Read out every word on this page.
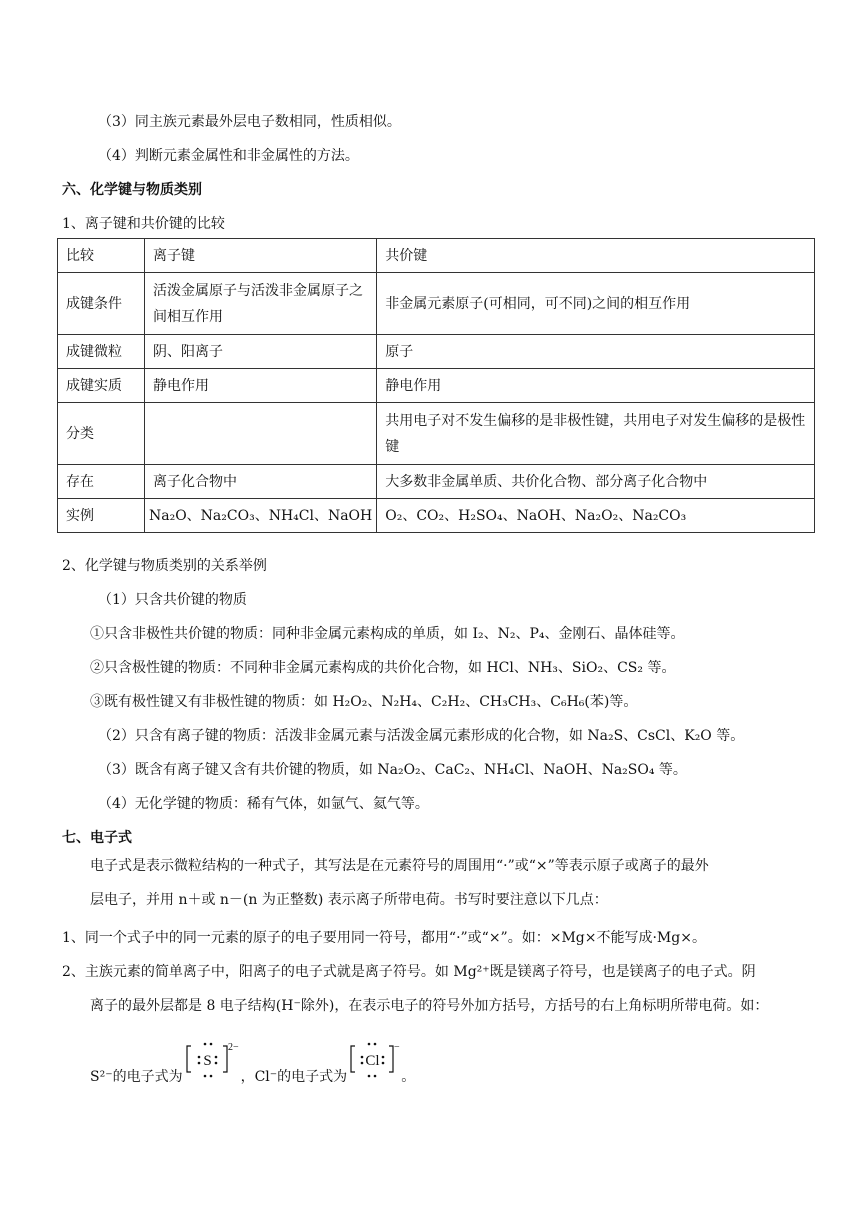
（3）同主族元素最外层电子数相同，性质相似。
（4）判断元素金属性和非金属性的方法。
六、化学键与物质类别
1、离子键和共价键的比较
比较	离子键	共价键
成键条件	活泼金属原子与活泼非金属原子之间相互作用	非金属元素原子(可相同，可不同)之间的相互作用
成键微粒	阴、阳离子	原子
成键实质	静电作用	静电作用
分类		共用电子对不发生偏移的是非极性键，共用电子对发生偏移的是极性键
存在	离子化合物中	大多数非金属单质、共价化合物、部分离子化合物中
实例	Na₂O、Na₂CO₃、NH₄Cl、NaOH	O₂、CO₂、H₂SO₄、NaOH、Na₂O₂、Na₂CO₃
2、化学键与物质类别的关系举例
（1）只含共价键的物质
①只含非极性共价键的物质：同种非金属元素构成的单质，如 I₂、N₂、P₄、金刚石、晶体硅等。
②只含极性键的物质：不同种非金属元素构成的共价化合物，如 HCl、NH₃、SiO₂、CS₂ 等。
③既有极性键又有非极性键的物质：如 H₂O₂、N₂H₄、C₂H₂、CH₃CH₃、C₆H₆(苯)等。
（2）只含有离子键的物质：活泼非金属元素与活泼金属元素形成的化合物，如 Na₂S、CsCl、K₂O 等。
（3）既含有离子键又含有共价键的物质，如 Na₂O₂、CaC₂、NH₄Cl、NaOH、Na₂SO₄ 等。
（4）无化学键的物质：稀有气体，如氩气、氦气等。
七、电子式
电子式是表示微粒结构的一种式子，其写法是在元素符号的周围用“·”或“×”等表示原子或离子的最外
层电子，并用 n＋或 n－(n 为正整数) 表示离子所带电荷。书写时要注意以下几点：
1、同一个式子中的同一元素的原子的电子要用同一符号，都用“·”或“×”。如：×Mg×不能写成·Mg×。
2、主族元素的简单离子中，阳离子的电子式就是离子符号。如 Mg²⁺既是镁离子符号，也是镁离子的电子式。阴
离子的最外层都是 8 电子结构(H⁻除外)，在表示电子的符号外加方括号，方括号的右上角标明所带电荷。如：
S²⁻的电子式为
S
2−
，Cl⁻的电子式为
Cl
−
。
